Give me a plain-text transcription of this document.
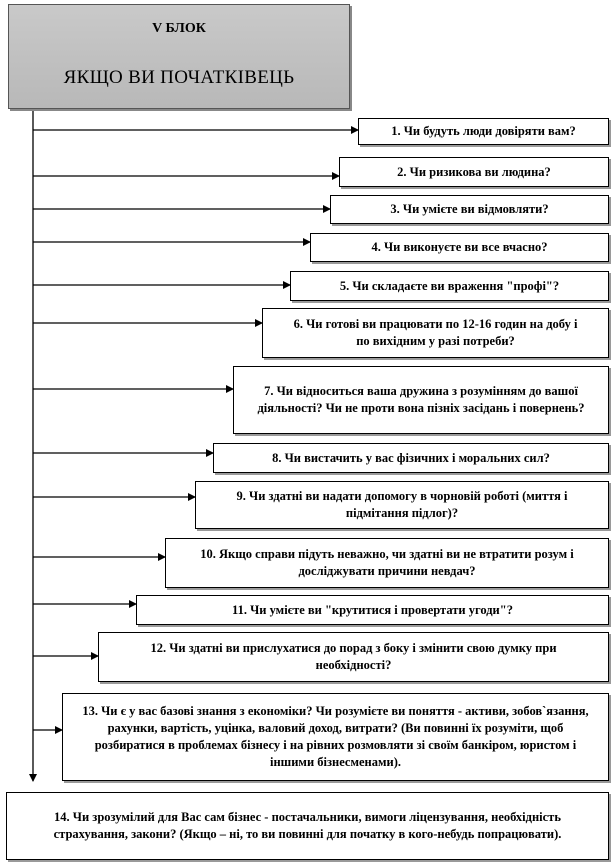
V БЛОК
ЯКЩО ВИ ПОЧАТКІВЕЦЬ
1. Чи будуть люди довіряти вам?
2. Чи ризикова ви людина?
3. Чи умієте ви відмовляти?
4. Чи виконуєте ви все вчасно?
5. Чи складаєте ви враження "профі"?
6. Чи готові ви працювати по 12-16 годин на добу і по вихідним у разі потреби?
7. Чи відноситься ваша дружина з розумінням до вашої діяльності? Чи не проти вона пізніх засідань і повернень?
8. Чи вистачить у вас фізичних і моральних сил?
9. Чи здатні ви надати допомогу в чорновій роботі (миття і підмітання підлог)?
10. Якщо справи підуть неважно, чи здатні ви не втратити розум і досліджувати причини невдач?
11. Чи умієте ви "крутитися і провертати угоди"?
12. Чи здатні ви прислухатися до порад з боку і змінити свою думку при необхідності?
13. Чи є у вас базові знання з економіки? Чи розумієте ви поняття - активи, зобов`язання, рахунки, вартість, уцінка, валовий доход, витрати? (Ви повинні їх розуміти, щоб розбиратися в проблемах бізнесу і на рівних розмовляти зі своїм банкіром, юристом і іншими бізнесменами).
14. Чи зрозумілий для Вас сам бізнес - постачальники, вимоги ліцензування, необхідність страхування, закони? (Якщо – ні, то ви повинні для початку в кого-небудь попрацювати).
